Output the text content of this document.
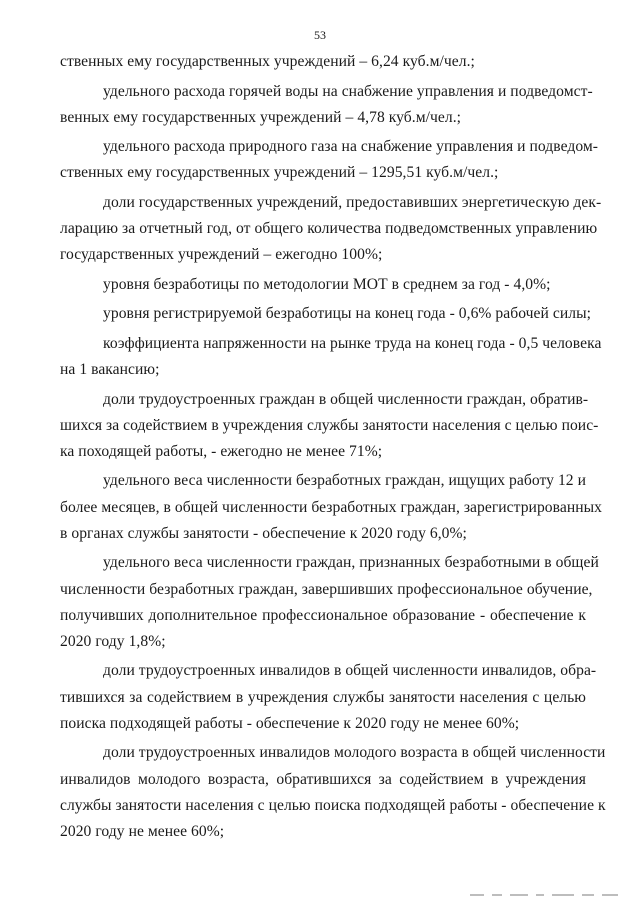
53
ственных ему государственных учреждений – 6,24 куб.м/чел.;
удельного расхода горячей воды на снабжение управления и подведомст-
венных ему государственных учреждений – 4,78 куб.м/чел.;
удельного расхода природного газа на снабжение управления и подведом-
ственных ему государственных учреждений – 1295,51 куб.м/чел.;
доли государственных учреждений, предоставивших энергетическую дек-
ларацию за отчетный год, от общего количества подведомственных управлению
государственных учреждений – ежегодно 100%;
уровня безработицы по методологии МОТ в среднем за год - 4,0%;
уровня регистрируемой безработицы на конец года - 0,6% рабочей силы;
коэффициента напряженности на рынке труда на конец года - 0,5 человека
на 1 вакансию;
доли трудоустроенных граждан в общей численности граждан, обратив-
шихся за содействием в учреждения службы занятости населения с целью поис-
ка походящей работы, - ежегодно не менее 71%;
удельного веса численности безработных граждан, ищущих работу 12 и
более месяцев, в общей численности безработных граждан, зарегистрированных
в органах службы занятости - обеспечение к 2020 году 6,0%;
удельного веса численности граждан, признанных безработными в общей
численности безработных граждан, завершивших профессиональное обучение,
получивших дополнительное профессиональное образование - обеспечение к
2020 году 1,8%;
доли трудоустроенных инвалидов в общей численности инвалидов, обра-
тившихся за содействием в учреждения службы занятости населения с целью
поиска подходящей работы - обеспечение к 2020 году не менее 60%;
доли трудоустроенных инвалидов молодого возраста в общей численности
инвалидов молодого возраста, обратившихся за содействием в учреждения
службы занятости населения с целью поиска подходящей работы - обеспечение к
2020 году не менее 60%;
